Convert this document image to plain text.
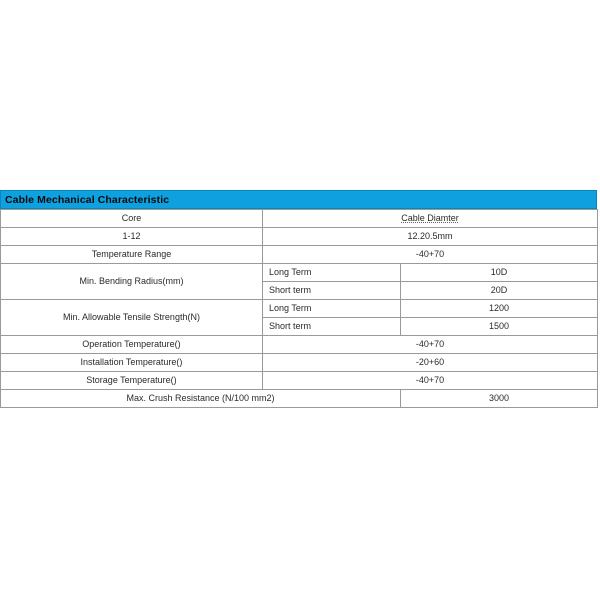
Cable Mechanical Characteristic
Core	Cable Diamter	
1-12	12.20.5mm	
Temperature Range	-40+70	
Min. Bending Radius(mm)	Long Term	10D
	Short term	20D
Min. Allowable Tensile Strength(N)	Long Term	1200
	Short term	1500
Operation Temperature()	-40+70	
Installation Temperature()	-20+60	
Storage Temperature()	-40+70	
Max. Crush Resistance (N/100 mm2)		3000
